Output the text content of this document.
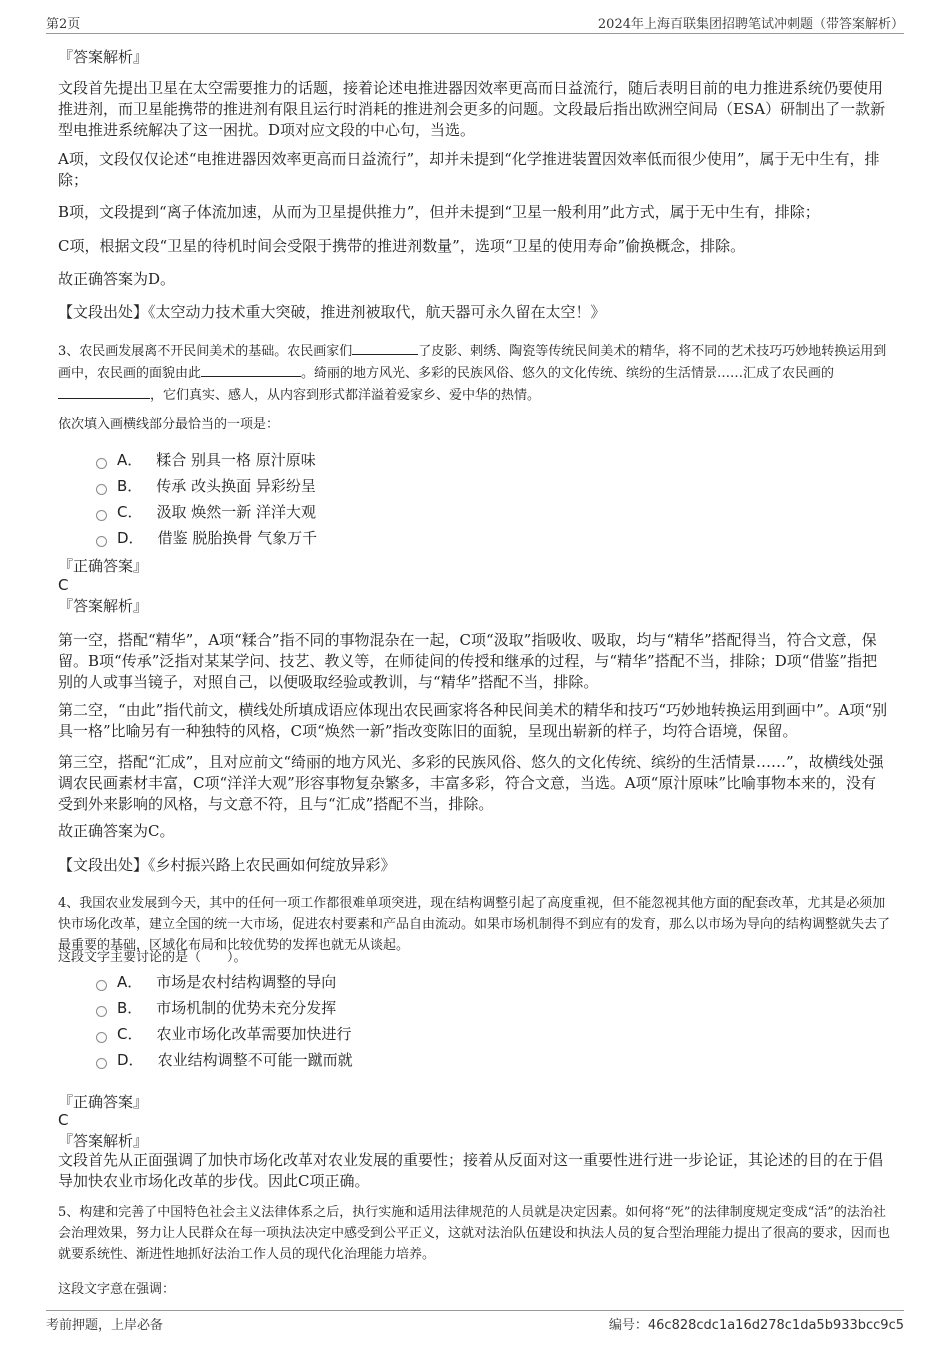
第2页	2024年上海百联集团招聘笔试冲刺题（带答案解析）
『答案解析』

文段首先提出卫星在太空需要推力的话题，接着论述电推进器因效率更高而日益流行，随后表明目前的电力推进系统仍要使用推进剂，而卫星能携带的推进剂有限且运行时消耗的推进剂会更多的问题。文段最后指出欧洲空间局（ESA）研制出了一款新型电推进系统解决了这一困扰。D项对应文段的中心句，当选。

A项，文段仅仅论述“电推进器因效率更高而日益流行”，却并未提到“化学推进装置因效率低而很少使用”，属于无中生有，排除；

B项，文段提到“离子体流加速，从而为卫星提供推力”，但并未提到“卫星一般利用”此方式，属于无中生有，排除；

C项，根据文段“卫星的待机时间会受限于携带的推进剂数量”，选项“卫星的使用寿命”偷换概念，排除。

故正确答案为D。

【文段出处】《太空动力技术重大突破，推进剂被取代，航天器可永久留在太空！》

3、农民画发展离不开民间美术的基础。农民画家们	了皮影、剌绣、陶瓷等传统民间美术的精华，将不同的艺术技巧巧妙地转换运用到画中，农民画的面貌由此	。绮丽的地方风光、多彩的民族风俗、悠久的文化传统、缤纷的生活情景……汇成了农民画的，它们真实、感人，从内容到形式都洋溢着爱家乡、爱中华的热情。

依次填入画横线部分最恰当的一项是：

A． 糅合 别具一格 原汁原味
B． 传承 改头换面 异彩纷呈
C． 汲取 焕然一新 洋洋大观
D． 借鉴 脱胎换骨 气象万千
『正确答案』
C
『答案解析』

第一空，搭配“精华”，A项“糅合”指不同的事物混杂在一起，C项“汲取”指吸收、吸取，均与“精华”搭配得当，符合文意，保留。B项“传承”泛指对某某学问、技艺、教义等，在师徒间的传授和继承的过程，与“精华”搭配不当，排除；D项“借鉴”指把别的人或事当镜子，对照自己，以便吸取经验或教训，与“精华”搭配不当，排除。

第二空，“由此”指代前文，横线处所填成语应体现出农民画家将各种民间美术的精华和技巧“巧妙地转换运用到画中”。A项“别具一格”比喻另有一种独特的风格，C项“焕然一新”指改变陈旧的面貌，呈现出崭新的样子，均符合语境，保留。

第三空，搭配“汇成”，且对应前文“绮丽的地方风光、多彩的民族风俗、悠久的文化传统、缤纷的生活情景……”，故横线处强调农民画素材丰富，C项“洋洋大观”形容事物复杂繁多，丰富多彩，符合文意，当选。A项“原汁原味”比喻事物本来的，没有受到外来影响的风格，与文意不符，且与“汇成”搭配不当，排除。

故正确答案为C。

【文段出处】《乡村振兴路上农民画如何绽放异彩》

4、我国农业发展到今天，其中的任何一项工作都很难单项突进，现在结构调整引起了高度重视，但不能忽视其他方面的配套改革，尤其是必须加快市场化改革，建立全国的统一大市场，促进农村要素和产品自由流动。如果市场机制得不到应有的发育，那么以市场为导向的结构调整就失去了最重要的基础，区域化布局和比较优势的发挥也就无从谈起。

这段文字主要讨论的是（　　）。

A． 市场是农村结构调整的导向
B． 市场机制的优势未充分发挥
C． 农业市场化改革需要加快进行
D． 农业结构调整不可能一蹴而就
『正确答案』
C
『答案解析』

文段首先从正面强调了加快市场化改革对农业发展的重要性；接着从反面对这一重要性进行进一步论证，其论述的目的在于倡导加快农业市场化改革的步伐。因此C项正确。

5、构建和完善了中国特色社会主义法律体系之后，执行实施和适用法律规范的人员就是决定因素。如何将“死”的法律制度规定变成“活”的法治社会治理效果，努力让人民群众在每一项执法决定中感受到公平正义，这就对法治队伍建设和执法人员的复合型治理能力提出了很高的要求，因而也就要系统性、渐进性地抓好法治工作人员的现代化治理能力培养。

这段文字意在强调：

考前押题，上岸必备	编号：46c828cdc1a16d278c1da5b933bcc9c5
